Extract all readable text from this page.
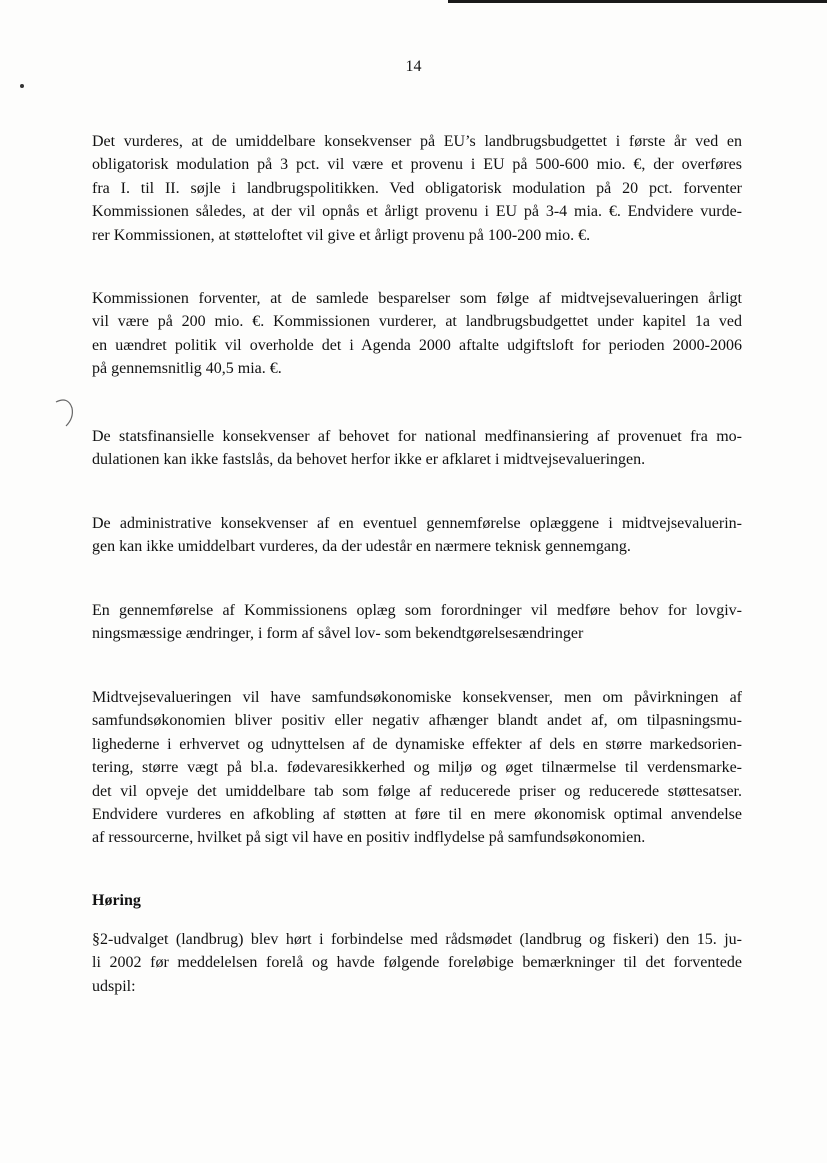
14
Det vurderes, at de umiddelbare konsekvenser på EU’s landbrugsbudgettet i første år ved en
obligatorisk modulation på 3 pct. vil være et provenu i EU på 500-600 mio. €, der overføres
fra I. til II. søjle i landbrugspolitikken. Ved obligatorisk modulation på 20 pct. forventer
Kommissionen således, at der vil opnås et årligt provenu i EU på 3-4 mia. €. Endvidere vurde-
rer Kommissionen, at støtteloftet vil give et årligt provenu på 100-200 mio. €.
Kommissionen forventer, at de samlede besparelser som følge af midtvejsevalueringen årligt
vil være på 200 mio. €. Kommissionen vurderer, at landbrugsbudgettet under kapitel 1a ved
en uændret politik vil overholde det i Agenda 2000 aftalte udgiftsloft for perioden 2000-2006
på gennemsnitlig 40,5 mia. €.
De statsfinansielle konsekvenser af behovet for national medfinansiering af provenuet fra mo-
dulationen kan ikke fastslås, da behovet herfor ikke er afklaret i midtvejsevalueringen.
De administrative konsekvenser af en eventuel gennemførelse oplæggene i midtvejsevaluerin-
gen kan ikke umiddelbart vurderes, da der udestår en nærmere teknisk gennemgang.
En gennemførelse af Kommissionens oplæg som forordninger vil medføre behov for lovgiv-
ningsmæssige ændringer, i form af såvel lov- som bekendtgørelsesændringer
Midtvejsevalueringen vil have samfundsøkonomiske konsekvenser, men om påvirkningen af
samfundsøkonomien bliver positiv eller negativ afhænger blandt andet af, om tilpasningsmu-
lighederne i erhvervet og udnyttelsen af de dynamiske effekter af dels en større markedsorien-
tering, større vægt på bl.a. fødevaresikkerhed og miljø og øget tilnærmelse til verdensmarke-
det vil opveje det umiddelbare tab som følge af reducerede priser og reducerede støttesatser.
Endvidere vurderes en afkobling af støtten at føre til en mere økonomisk optimal anvendelse
af ressourcerne, hvilket på sigt vil have en positiv indflydelse på samfundsøkonomien.
Høring
§2-udvalget (landbrug) blev hørt i forbindelse med rådsmødet (landbrug og fiskeri) den 15. ju-
li 2002 før meddelelsen forelå og havde følgende foreløbige bemærkninger til det forventede
udspil:
